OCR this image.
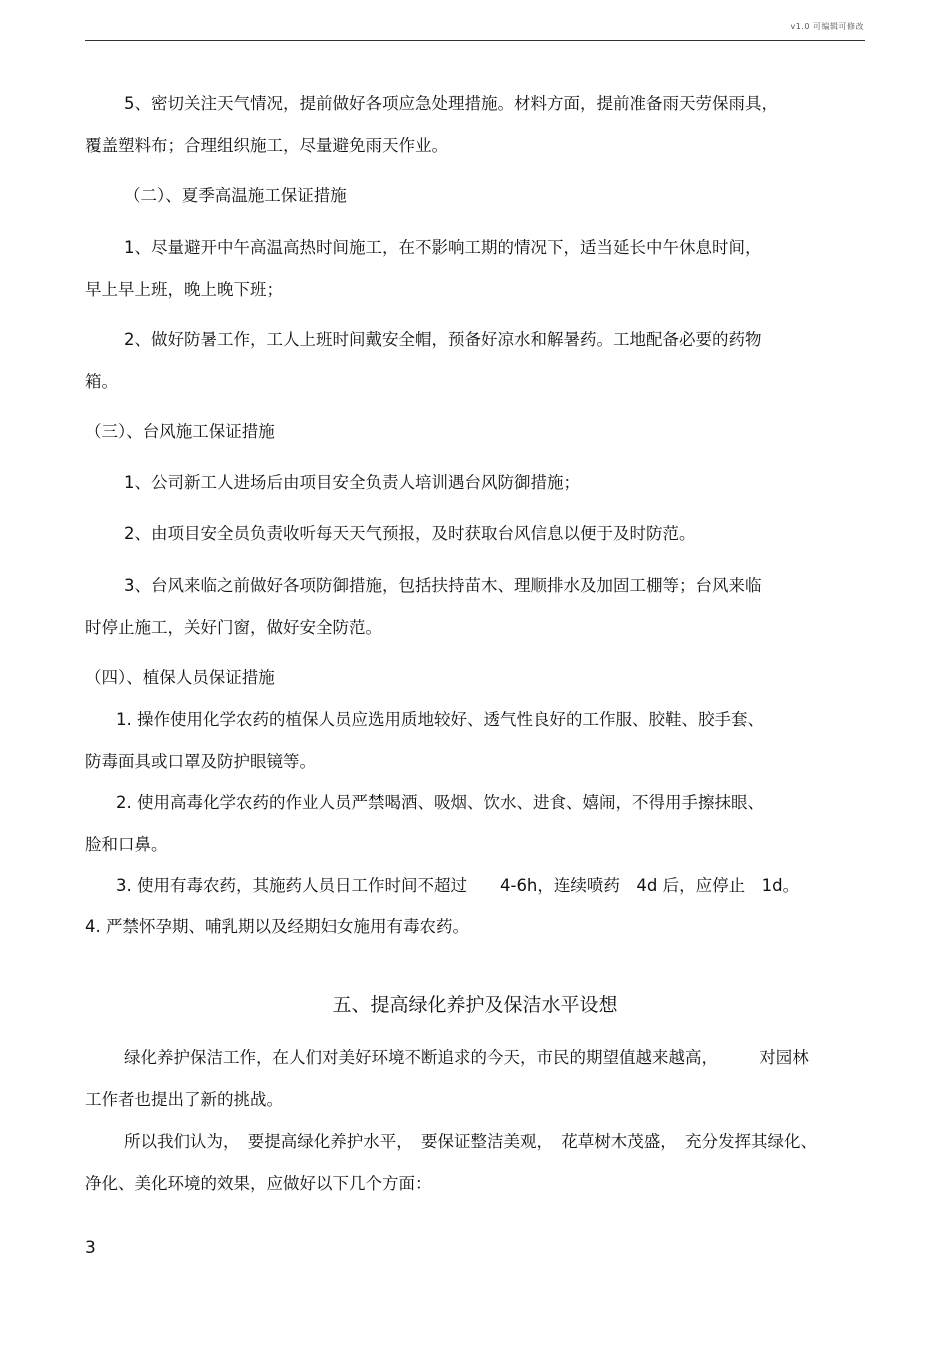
v1.0 可编辑可修改
5、密切关注天气情况，提前做好各项应急处理措施。材料方面，提前准备雨天劳保雨具，
覆盖塑料布；合理组织施工，尽量避免雨天作业。
（二）、夏季高温施工保证措施
1、尽量避开中午高温高热时间施工，在不影响工期的情况下，适当延长中午休息时间，
早上早上班，晚上晚下班；
2、做好防暑工作，工人上班时间戴安全帽，预备好凉水和解暑药。工地配备必要的药物
箱。
（三）、台风施工保证措施
1、公司新工人进场后由项目安全负责人培训遇台风防御措施；
2、由项目安全员负责收听每天天气预报，及时获取台风信息以便于及时防范。
3、台风来临之前做好各项防御措施，包括扶持苗木、理顺排水及加固工棚等；台风来临
时停止施工，关好门窗，做好安全防范。
（四）、植保人员保证措施
1. 操作使用化学农药的植保人员应选用质地较好、透气性良好的工作服、胶鞋、胶手套、
防毒面具或口罩及防护眼镜等。
2. 使用高毒化学农药的作业人员严禁喝酒、吸烟、饮水、进食、嬉闹，不得用手擦抹眼、
脸和口鼻。
3. 使用有毒农药，其施药人员日工作时间不超过　　4-6h，连续喷药　4d 后，应停止　1d。
4. 严禁怀孕期、哺乳期以及经期妇女施用有毒农药。
五、提高绿化养护及保洁水平设想
绿化养护保洁工作，在人们对美好环境不断追求的今天，市民的期望值越来越高，　　　对园林
工作者也提出了新的挑战。
所以我们认为，　要提高绿化养护水平，　要保证整洁美观，　花草树木茂盛，　充分发挥其绿化、
净化、美化环境的效果，应做好以下几个方面：
3
